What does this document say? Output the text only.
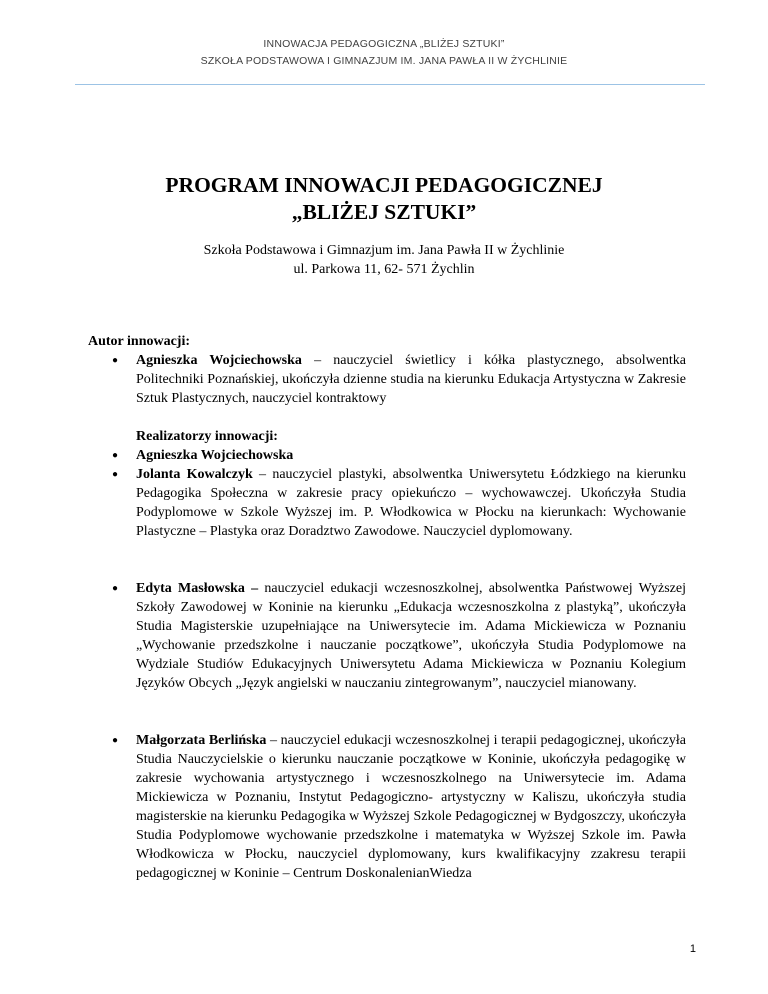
INNOWACJA PEDAGOGICZNA „BLIŻEJ SZTUKI”
SZKOŁA PODSTAWOWA I GIMNAZJUM IM. JANA PAWŁA II W ŻYCHLINIE
PROGRAM INNOWACJI PEDAGOGICZNEJ
„BLIŻEJ SZTUKI”
Szkoła Podstawowa i Gimnazjum im. Jana Pawła II w Żychlinie
ul. Parkowa 11, 62- 571 Żychlin

Autor innowacji:

● Agnieszka Wojciechowska – nauczyciel świetlicy i kółka plastycznego, absolwentka Politechniki Poznańskiej, ukończyła dzienne studia na kierunku Edukacja Artystyczna w Zakresie Sztuk Plastycznych, nauczyciel kontraktowy
Realizatorzy innowacji:
● Agnieszka Wojciechowska
● Jolanta Kowalczyk – nauczyciel plastyki, absolwentka Uniwersytetu Łódzkiego na kierunku Pedagogika Społeczna w zakresie pracy opiekuńczo – wychowawczej. Ukończyła Studia Podyplomowe w Szkole Wyższej im. P. Włodkowica w Płocku na kierunkach: Wychowanie Plastyczne – Plastyka oraz Doradztwo Zawodowe. Nauczyciel dyplomowany.
● Edyta Masłowska – nauczyciel edukacji wczesnoszkolnej, absolwentka Państwowej Wyższej Szkoły Zawodowej w Koninie na kierunku „Edukacja wczesnoszkolna z plastyką”, ukończyła Studia Magisterskie uzupełniające na Uniwersytecie im. Adama Mickiewicza w Poznaniu „Wychowanie przedszkolne i nauczanie początkowe”, ukończyła Studia Podyplomowe na Wydziale Studiów Edukacyjnych Uniwersytetu Adama Mickiewicza w Poznaniu Kolegium Języków Obcych „Język angielski w nauczaniu zintegrowanym”, nauczyciel mianowany.
● Małgorzata Berlińska – nauczyciel edukacji wczesnoszkolnej i terapii pedagogicznej, ukończyła Studia Nauczycielskie o kierunku nauczanie początkowe w Koninie, ukończyła pedagogikę w zakresie wychowania artystycznego i wczesnoszkolnego na Uniwersytecie im. Adama Mickiewicza w Poznaniu, Instytut Pedagogiczno- artystyczny w Kaliszu, ukończyła studia magisterskie na kierunku Pedagogika w Wyższej Szkole Pedagogicznej w Bydgoszczy, ukończyła Studia Podyplomowe wychowanie przedszkolne i matematyka w Wyższej Szkole im. Pawła Włodkowicza w Płocku, nauczyciel dyplomowany, kurs kwalifikacyjny zzakresu terapii pedagogicznej w Koninie – Centrum DoskonalenianWiedza
1
